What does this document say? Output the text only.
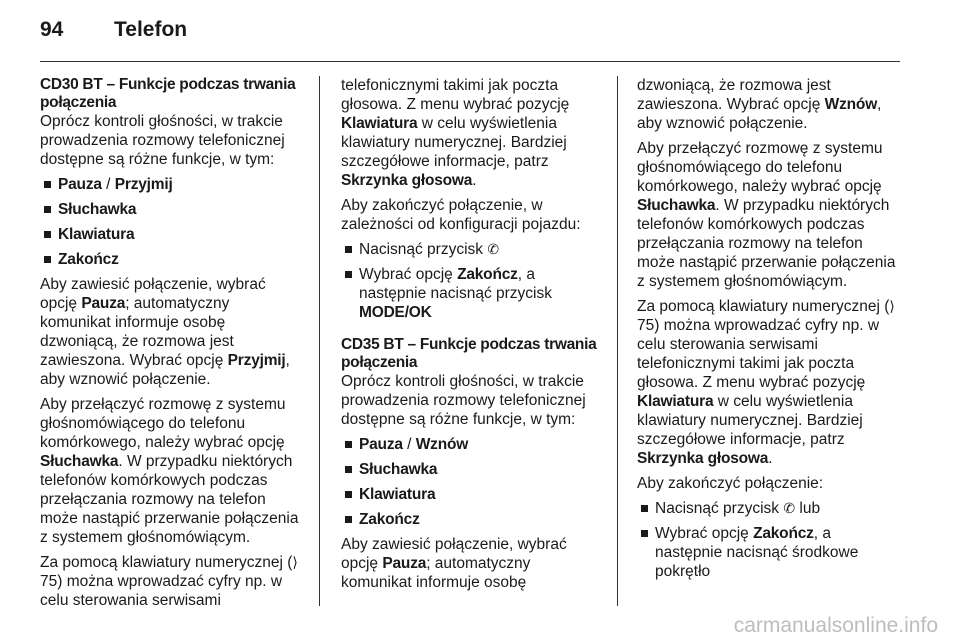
94	Telefon
CD30 BT – Funkcje podczas trwania połączenia

Oprócz kontroli głośności, w trakcie prowadzenia rozmowy telefonicznej dostępne są różne funkcje, w tym:

Pauza / Przyjmij
Słuchawka
Klawiatura
Zakończ

Aby zawiesić połączenie, wybrać opcję Pauza; automatyczny komunikat informuje osobę dzwoniącą, że rozmowa jest zawieszona. Wybrać opcję Przyjmij, aby wznowić połączenie.

Aby przełączyć rozmowę z systemu głośnomówiącego do telefonu komórkowego, należy wybrać opcję Słuchawka. W przypadku niektórych telefonów komórkowych podczas przełączania rozmowy na telefon może nastąpić przerwanie połączenia z systemem głośnomówiącym.

Za pomocą klawiatury numerycznej (⟩ 75) można wprowadzać cyfry np. w celu sterowania serwisami

telefonicznymi takimi jak poczta głosowa. Z menu wybrać pozycję Klawiatura w celu wyświetlenia klawiatury numerycznej. Bardziej szczegółowe informacje, patrz Skrzynka głosowa.

Aby zakończyć połączenie, w zależności od konfiguracji pojazdu:

Nacisnąć przycisk ✆
Wybrać opcję Zakończ, a następnie nacisnąć przycisk MODE/OK
CD35 BT – Funkcje podczas trwania połączenia

Oprócz kontroli głośności, w trakcie prowadzenia rozmowy telefonicznej dostępne są różne funkcje, w tym:

Pauza / Wznów
Słuchawka
Klawiatura
Zakończ

Aby zawiesić połączenie, wybrać opcję Pauza; automatyczny komunikat informuje osobę

dzwoniącą, że rozmowa jest zawieszona. Wybrać opcję Wznów, aby wznowić połączenie.

Aby przełączyć rozmowę z systemu głośnomówiącego do telefonu komórkowego, należy wybrać opcję Słuchawka. W przypadku niektórych telefonów komórkowych podczas przełączania rozmowy na telefon może nastąpić przerwanie połączenia z systemem głośnomówiącym.

Za pomocą klawiatury numerycznej (⟩ 75) można wprowadzać cyfry np. w celu sterowania serwisami telefonicznymi takimi jak poczta głosowa. Z menu wybrać pozycję Klawiatura w celu wyświetlenia klawiatury numerycznej. Bardziej szczegółowe informacje, patrz Skrzynka głosowa.

Aby zakończyć połączenie:

Nacisnąć przycisk ✆ lub
Wybrać opcję Zakończ, a następnie nacisnąć środkowe pokrętło
carmanualsonline.info
